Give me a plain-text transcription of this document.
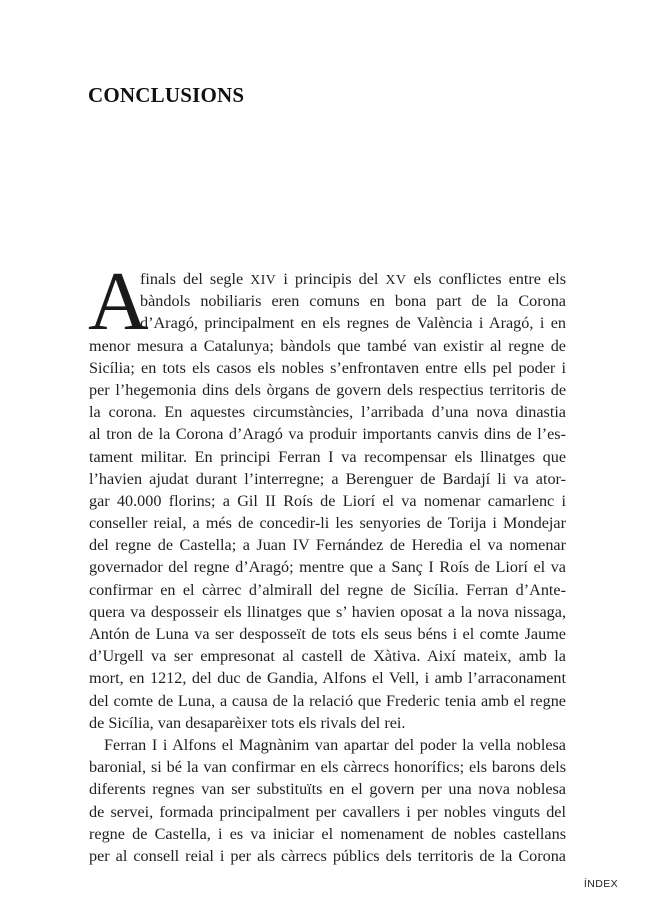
CONCLUSIONS
A
finals del segle XIV i principis del XV els conflictes entre els
bàndols nobiliaris eren comuns en bona part de la Corona
d’Aragó, principalment en els regnes de València i Aragó, i en
menor mesura a Catalunya; bàndols que també van existir al regne de
Sicília; en tots els casos els nobles s’enfrontaven entre ells pel poder i
per l’hegemonia dins dels òrgans de govern dels respectius territoris de
la corona. En aquestes circumstàncies, l’arribada d’una nova dinastia
al tron de la Corona d’Aragó va produir importants canvis dins de l’es-
tament militar. En principi Ferran I va recompensar els llinatges que
l’havien ajudat durant l’interregne; a Berenguer de Bardají li va ator-
gar 40.000 florins; a Gil II Roís de Liorí el va nomenar camarlenc i
conseller reial, a més de concedir-li les senyories de Torija i Mondejar
del regne de Castella; a Juan IV Fernández de Heredia el va nomenar
governador del regne d’Aragó; mentre que a Sanç I Roís de Liorí el va
confirmar en el càrrec d’almirall del regne de Sicília. Ferran d’Ante-
quera va desposseir els llinatges que s’ havien oposat a la nova nissaga,
Antón de Luna va ser desposseït de tots els seus béns i el comte Jaume
d’Urgell va ser empresonat al castell de Xàtiva. Així mateix, amb la
mort, en 1212, del duc de Gandia, Alfons el Vell, i amb l’arraconament
del comte de Luna, a causa de la relació que Frederic tenia amb el regne
de Sicília, van desaparèixer tots els rivals del rei.
Ferran I i Alfons el Magnànim van apartar del poder la vella noblesa
baronial, si bé la van confirmar en els càrrecs honorífics; els barons dels
diferents regnes van ser substituïts en el govern per una nova noblesa
de servei, formada principalment per cavallers i per nobles vinguts del
regne de Castella, i es va iniciar el nomenament de nobles castellans
per al consell reial i per als càrrecs públics dels territoris de la Corona
ÍNDEX
